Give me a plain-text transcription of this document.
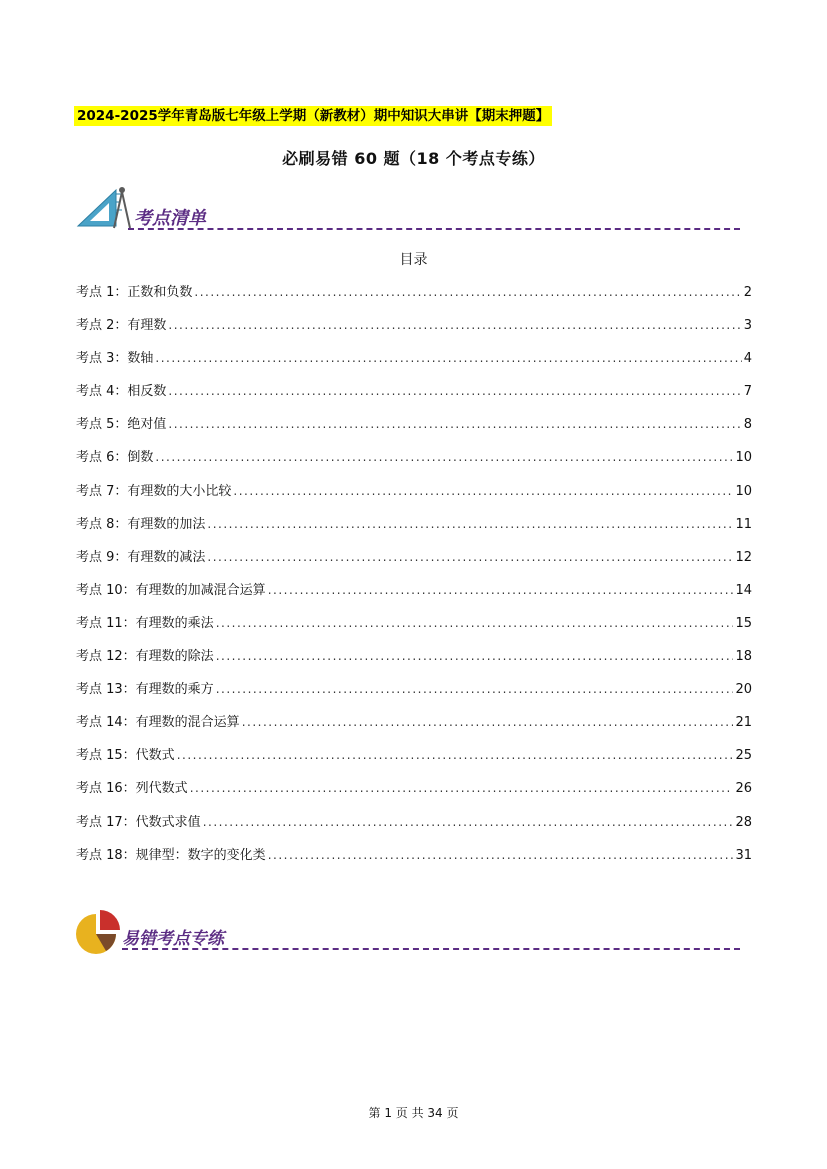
2024-2025学年青岛版七年级上学期（新教材）期中知识大串讲【期末押题】
必刷易错 60 题（18 个考点专练）
考点清单
目录
考点 1：正数和负数 .....	2
考点 2：有理数 .....	3
考点 3：数轴 .....	4
考点 4：相反数 .....	7
考点 5：绝对值 .....	8
考点 6：倒数 .....	10
考点 7：有理数的大小比较 .....	10
考点 8：有理数的加法 .....	11
考点 9：有理数的减法 .....	12
考点 10：有理数的加减混合运算 .....	14
考点 11：有理数的乘法 .....	15
考点 12：有理数的除法 .....	18
考点 13：有理数的乘方 .....	20
考点 14：有理数的混合运算 .....	21
考点 15：代数式 .....	25
考点 16：列代数式 .....	26
考点 17：代数式求值 .....	28
考点 18：规律型：数字的变化类 .....	31
易错考点专练
第 1 页 共 34 页
